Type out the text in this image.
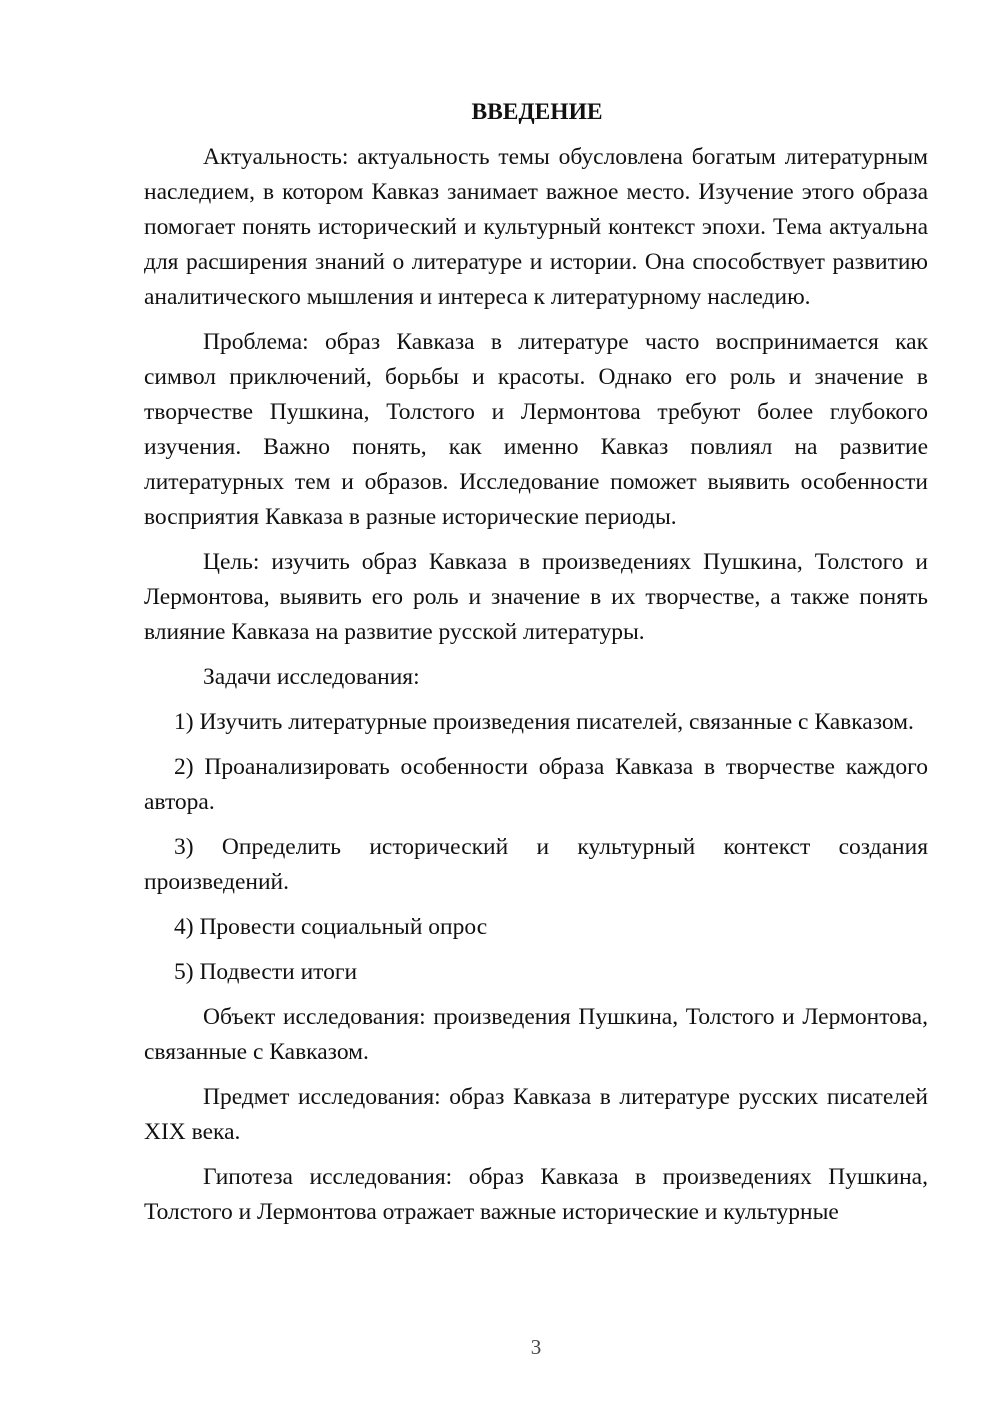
ВВЕДЕНИЕ

Актуальность: актуальность темы обусловлена богатым литературным наследием, в котором Кавказ занимает важное место. Изучение этого образа помогает понять исторический и культурный контекст эпохи. Тема актуальна для расширения знаний о литературе и истории. Она способствует развитию аналитического мышления и интереса к литературному наследию.

Проблема: образ Кавказа в литературе часто воспринимается как символ приключений, борьбы и красоты. Однако его роль и значение в творчестве Пушкина, Толстого и Лермонтова требуют более глубокого изучения. Важно понять, как именно Кавказ повлиял на развитие литературных тем и образов. Исследование поможет выявить особенности восприятия Кавказа в разные исторические периоды.

Цель: изучить образ Кавказа в произведениях Пушкина, Толстого и Лермонтова, выявить его роль и значение в их творчестве, а также понять влияние Кавказа на развитие русской литературы.

Задачи исследования:

1) Изучить литературные произведения писателей, связанные с Кавказом.

2) Проанализировать особенности образа Кавказа в творчестве каждого автора.

3) Определить исторический и культурный контекст создания произведений.

4) Провести социальный опрос

5) Подвести итоги

Объект исследования: произведения Пушкина, Толстого и Лермонтова, связанные с Кавказом.

Предмет исследования: образ Кавказа в литературе русских писателей XIX века.

Гипотеза исследования: образ Кавказа в произведениях Пушкина, Толстого и Лермонтова отражает важные исторические и культурные

3
